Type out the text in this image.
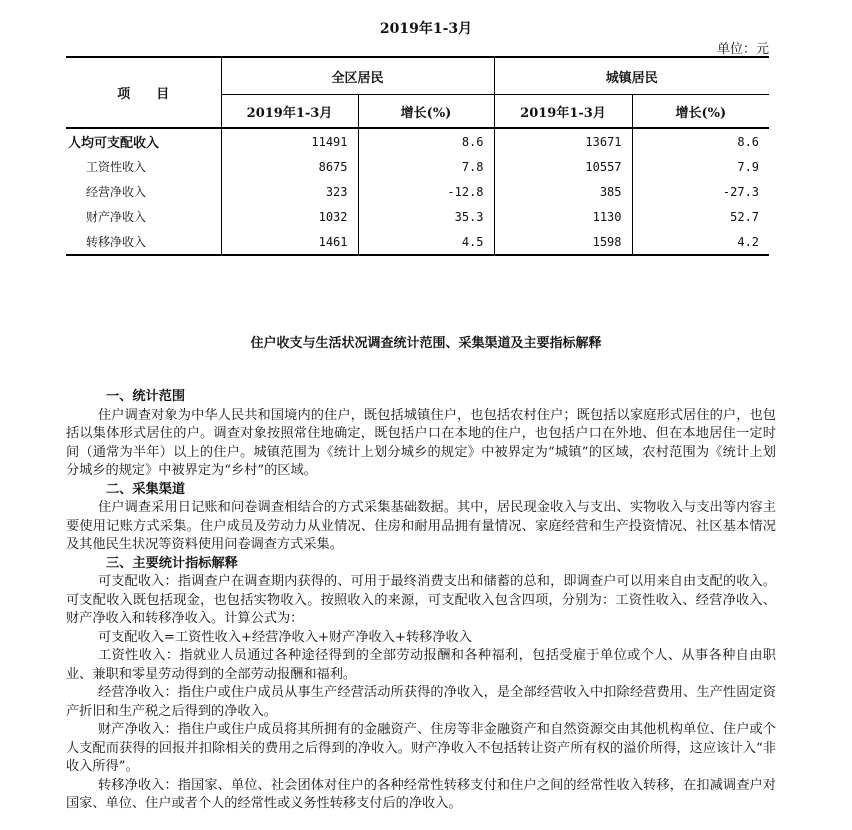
2019年1-3月
单位：元
项　　目	全区居民		城镇居民	
	2019年1-3月	增长(%)	2019年1-3月	增长(%)
人均可支配收入	11491	8.6	13671	8.6
工资性收入	8675	7.8	10557	7.9
经营净收入	323	-12.8	385	-27.3
财产净收入	1032	35.3	1130	52.7
转移净收入	1461	4.5	1598	4.2
住户收支与生活状况调查统计范围、采集渠道及主要指标解释
一、统计范围
住户调查对象为中华人民共和国境内的住户，既包括城镇住户，也包括农村住户；既包括以家庭形式居住的户，也包括以集体形式居住的户。调查对象按照常住地确定，既包括户口在本地的住户，也包括户口在外地、但在本地居住一定时间（通常为半年）以上的住户。城镇范围为《统计上划分城乡的规定》中被界定为“城镇”的区域，农村范围为《统计上划分城乡的规定》中被界定为“乡村”的区域。
二、采集渠道
住户调查采用日记账和问卷调查相结合的方式采集基础数据。其中，居民现金收入与支出、实物收入与支出等内容主要使用记账方式采集。住户成员及劳动力从业情况、住房和耐用品拥有量情况、家庭经营和生产投资情况、社区基本情况及其他民生状况等资料使用问卷调查方式采集。
三、主要统计指标解释
可支配收入：指调查户在调查期内获得的、可用于最终消费支出和储蓄的总和，即调查户可以用来自由支配的收入。可支配收入既包括现金，也包括实物收入。按照收入的来源，可支配收入包含四项，分别为：工资性收入、经营净收入、财产净收入和转移净收入。计算公式为：
可支配收入=工资性收入+经营净收入+财产净收入+转移净收入
工资性收入：指就业人员通过各种途径得到的全部劳动报酬和各种福利，包括受雇于单位或个人、从事各种自由职业、兼职和零星劳动得到的全部劳动报酬和福利。
经营净收入：指住户或住户成员从事生产经营活动所获得的净收入，是全部经营收入中扣除经营费用、生产性固定资产折旧和生产税之后得到的净收入。
财产净收入：指住户或住户成员将其所拥有的金融资产、住房等非金融资产和自然资源交由其他机构单位、住户或个人支配而获得的回报并扣除相关的费用之后得到的净收入。财产净收入不包括转让资产所有权的溢价所得，这应该计入“非收入所得”。
转移净收入：指国家、单位、社会团体对住户的各种经常性转移支付和住户之间的经常性收入转移，在扣减调查户对国家、单位、住户或者个人的经常性或义务性转移支付后的净收入。
